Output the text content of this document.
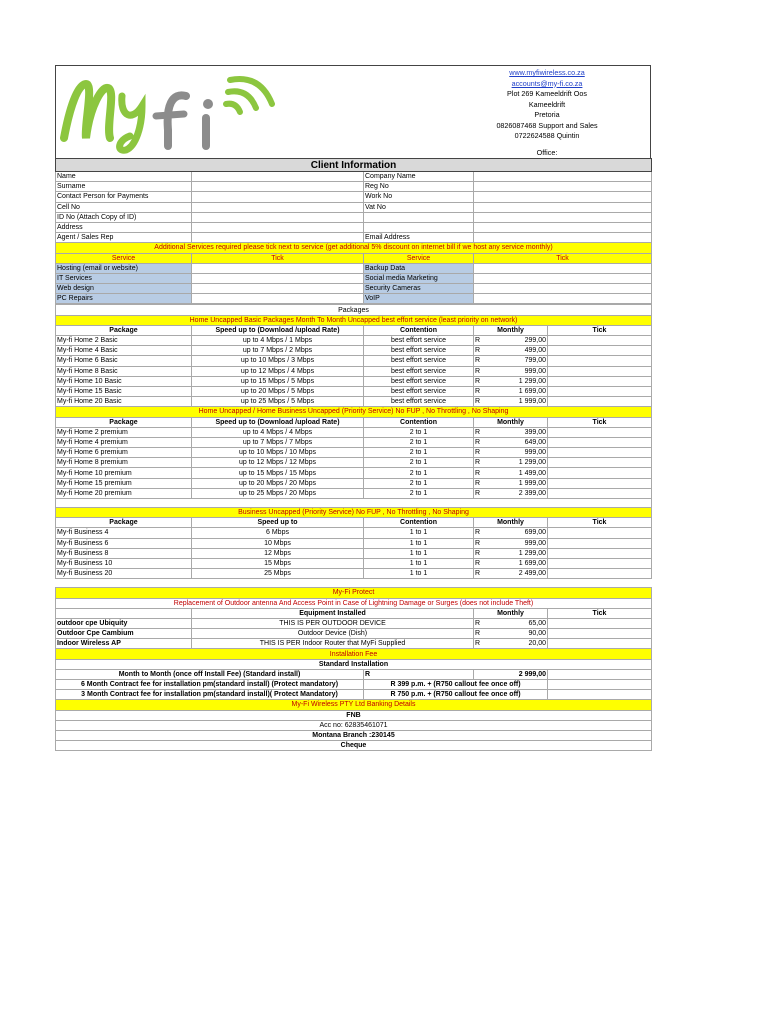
www.myfiwireless.co.za
accounts@my-fi.co.za
Plot 269 Kameeldrift Oos
Kameeldrift
Pretoria
0826087468 Support and Sales
0722624588 Quintin
Office:
Client Information			
Name		Company Name	
Surname		Reg No	
Contact Person for Payments		Work No	
Cell No		Vat No	
ID No (Attach Copy of ID)			
Address			
Agent / Sales Rep		Email Address	
Additional Services required please tick next to service (get additional 5% discount on internet bill if we host any service monthly)			
Service	Tick	Service	Tick
Hosting (email or website)		Backup Data	
IT Services		Social media Marketing	
Web design		Security Cameras	
PC Repairs		VoIP	
Packages					
Home Uncapped Basic Packages Month To Month Uncapped best effort service (least priority on network)					
Package	Speed up to (Download /upload Rate)	Contention	Monthly		Tick
My-fi Home 2 Basic	up to 4 Mbps / 1 Mbps	best effort service	R	299,00	
My-fi Home 4 Basic	up to 7 Mbps / 2 Mbps	best effort service	R	499,00	
My-fi Home 6 Basic	up to 10 Mbps / 3 Mbps	best effort service	R	799,00	
My-fi Home 8 Basic	up to 12 Mbps / 4 Mbps	best effort service	R	999,00	
My-fi Home 10 Basic	up to 15 Mbps / 5 Mbps	best effort service	R	1 299,00	
My-fi Home 15 Basic	up to 20 Mbps / 5 Mbps	best effort service	R	1 699,00	
My-fi Home 20 Basic	up to 25 Mbps / 5 Mbps	best effort service	R	1 999,00	
Home Uncapped / Home Business Uncapped (Priority Service) No FUP , No Throttling , No Shaping					
Package	Speed up to (Download /upload Rate)	Contention	Monthly		Tick
My-fi Home 2 premium	up to 4 Mbps / 4 Mbps	2 to 1	R	399,00	
My-fi Home 4 premium	up to 7 Mbps / 7 Mbps	2 to 1	R	649,00	
My-fi Home 6 premium	up to 10 Mbps / 10 Mbps	2 to 1	R	999,00	
My-fi Home 8 premium	up to 12 Mbps / 12 Mbps	2 to 1	R	1 299,00	
My-fi Home 10 premium	up to 15 Mbps / 15 Mbps	2 to 1	R	1 499,00	
My-fi Home 15 premium	up to 20 Mbps / 20 Mbps	2 to 1	R	1 999,00	
My-fi Home 20 premium	up to 25 Mbps / 20 Mbps	2 to 1	R	2 399,00	

Business Uncapped (Priority Service) No FUP , No Throttling , No Shaping					
Package	Speed up to	Contention	Monthly		Tick
My-fi Business 4	6 Mbps	1 to 1	R	699,00	
My-fi Business 6	10 Mbps	1 to 1	R	999,00	
My-fi Business 8	12 Mbps	1 to 1	R	1 299,00	
My-fi Business 10	15 Mbps	1 to 1	R	1 699,00	
My-fi Business 20	25 Mbps	1 to 1	R	2 499,00	
My-Fi Protect					
Replacement of Outdoor antenna And Access Point in Case of Lightning Damage or Surges (does not include Theft)					
	Equipment Installed		Monthly		Tick
outdoor cpe Ubiquity	THIS IS PER OUTDOOR DEVICE		R	65,00	
Outdoor Cpe Cambium	Outdoor Device (Dish)		R	90,00	
Indoor Wireless AP	THIS IS PER Indoor Router that MyFi Supplied		R	20,00	
Installation Fee					
Standard Installation					
Month to Month (once off Install Fee) (Standard install)		R	2 999,00		
6 Month Contract fee for installation pm(standard install) (Protect mandatory)		R 399 p.m. + (R750 callout fee once off)			
3 Month Contract fee for installation pm(standard install)( Protect Mandatory)		R 750 p.m. + (R750 callout fee once off)			
My-Fi Wireless PTY Ltd Banking Details					
FNB					
Acc no: 62835461071					
Montana Branch :230145					
Cheque					
